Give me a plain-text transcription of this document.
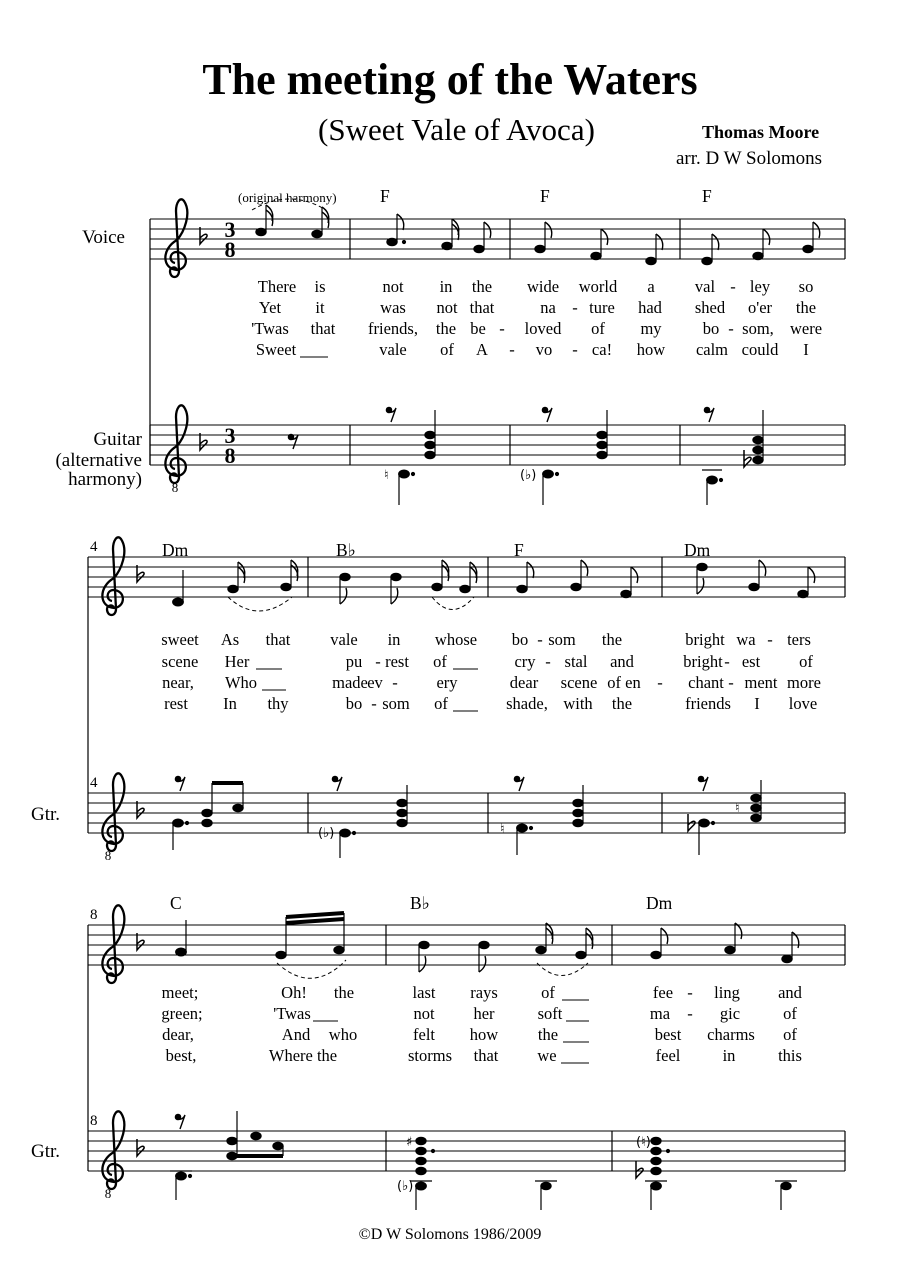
The meeting of the Waters
(Sweet Vale of Avoca)	Thomas Moore
arr. D W Solomons
3
8
3
8
8
8
8
4
4
8
8
Voice
Guitar
(alternative
harmony)
Gtr.
Gtr.
(original harmony) F	F	F
Dm	B♭	F	Dm
C	B♭	Dm
♮	(♭)
(♭)	♮
♮
♯
(♭)
(♮)
There is	not in the wide world a val - ley so
Yet it	was not that	na - ture had shed o'er the
'Twas that friends, the be - loved of my bo - som, were
Sweet	vale of A - vo - ca! how calm could I
sweet As that vale in whose bo - som the	bright wa - ters
scene Her	pu - rest of	cry - stal and	bright - est of
near, Who	made ev - ery	dear scene of en - chant - ment more
rest In thy	bo - som of	shade, with the	friends I love
meet;	Oh! the	last rays	of	fee - ling and
green;	'Twas	not her	soft	ma - gic	of
dear,	And who	felt how the	best charms of
best,	Where the	storms that we	feel	in	this
©D W Solomons 1986/2009
